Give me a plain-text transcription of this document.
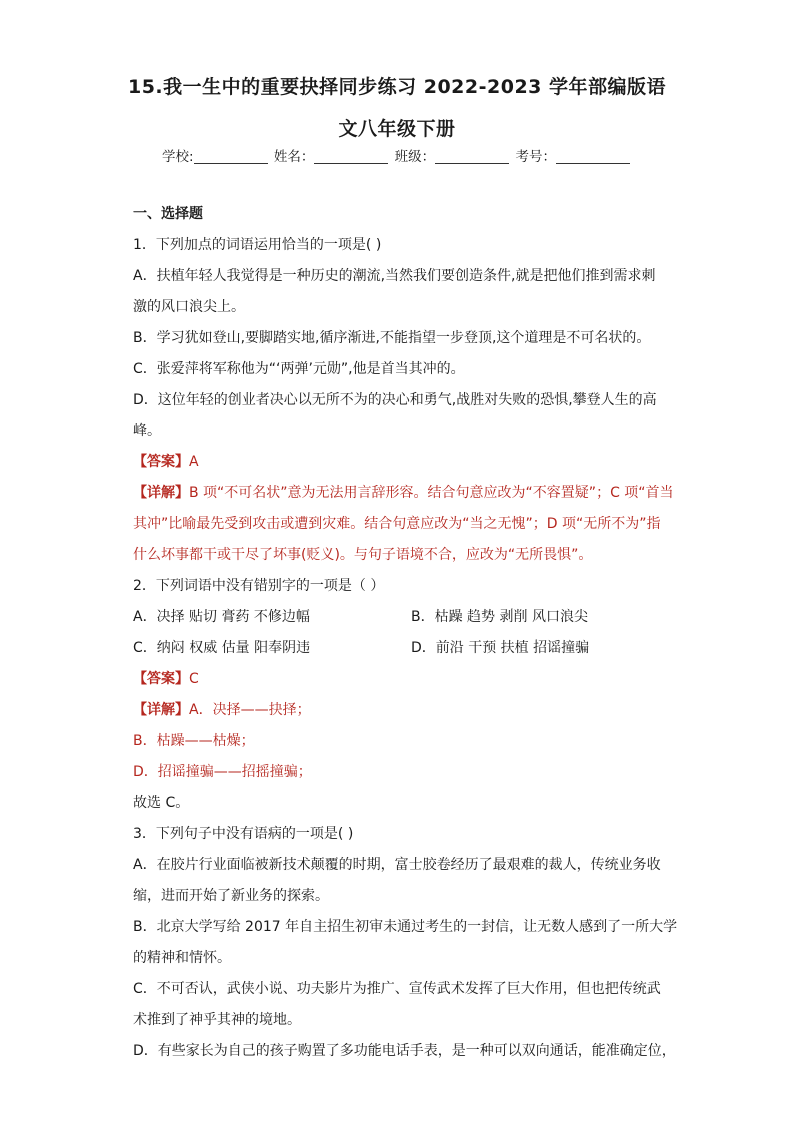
15.我一生中的重要抉择同步练习 2022-2023 学年部编版语
文八年级下册
学校:	姓名：	班级：	考号：
一、选择题
1．下列加点的词语运用恰当的一项是( )
A．扶植年轻人我觉得是一种历史的潮流,当然我们要创造条件,就是把他们推到需求刺
激的风口浪尖上。
B．学习犹如登山,要脚踏实地,循序渐进,不能指望一步登顶,这个道理是不可名状的。
C．张爱萍将军称他为“‘两弹’元勋”,他是首当其冲的。
D．这位年轻的创业者决心以无所不为的决心和勇气,战胜对失败的恐惧,攀登人生的高
峰。
【答案】A
【详解】B 项“不可名状”意为无法用言辞形容。结合句意应改为“不容置疑”；C 项“首当
其冲”比喻最先受到攻击或遭到灾难。结合句意应改为“当之无愧”；D 项“无所不为”指
什么坏事都干或干尽了坏事(贬义)。与句子语境不合，应改为“无所畏惧”。
2．下列词语中没有错别字的一项是（ ）
A．决择 贴切 膏药 不修边幅	B．枯躁 趋势 剥削 风口浪尖
C．纳闷 权威 估量 阳奉阴违	D．前沿 干预 扶植 招谣撞骗
【答案】C
【详解】A．决择——抉择；
B．枯躁——枯燥；
D．招谣撞骗——招摇撞骗；
故选 C。
3．下列句子中没有语病的一项是( )
A．在胶片行业面临被新技术颠覆的时期，富士胶卷经历了最艰难的裁人，传统业务收
缩，进而开始了新业务的探索。
B．北京大学写给 2017 年自主招生初审未通过考生的一封信，让无数人感到了一所大学
的精神和情怀。
C．不可否认，武侠小说、功夫影片为推广、宣传武术发挥了巨大作用，但也把传统武
术推到了神乎其神的境地。
D．有些家长为自己的孩子购置了多功能电话手表，是一种可以双向通话，能准确定位，
